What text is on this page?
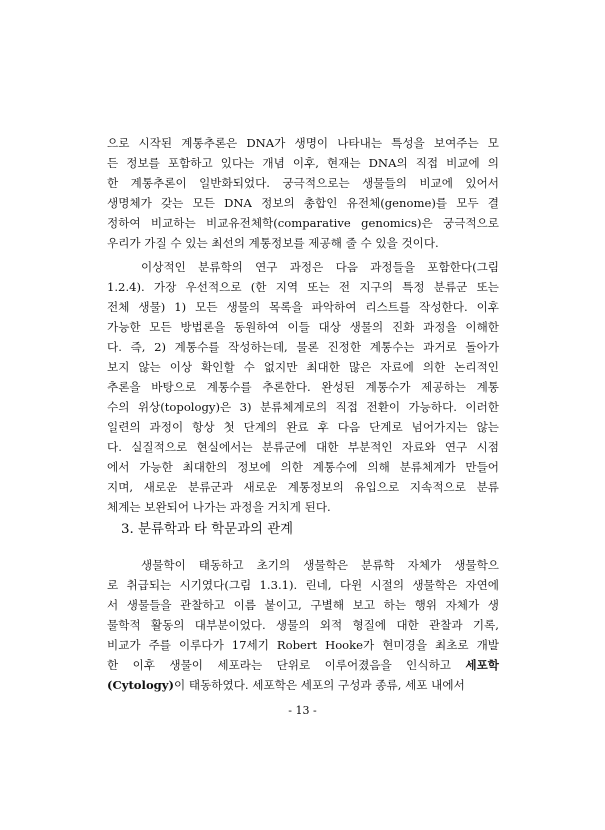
으로 시작된 계통추론은 DNA가 생명이 나타내는 특성을 보여주는 모
든 정보를 포함하고 있다는 개념 이후, 현재는 DNA의 직접 비교에 의
한 계통추론이 일반화되었다. 궁극적으로는 생물들의 비교에 있어서
생명체가 갖는 모든 DNA 정보의 총합인 유전체(genome)를 모두 결
정하여 비교하는 비교유전체학(comparative genomics)은 궁극적으로
우리가 가질 수 있는 최선의 계통정보를 제공해 줄 수 있을 것이다.
이상적인 분류학의 연구 과정은 다음 과정들을 포함한다(그림
1.2.4). 가장 우선적으로 (한 지역 또는 전 지구의 특정 분류군 또는
전체 생물) 1) 모든 생물의 목록을 파악하여 리스트를 작성한다. 이후
가능한 모든 방법론을 동원하여 이들 대상 생물의 진화 과정을 이해한
다. 즉, 2) 계통수를 작성하는데, 물론 진정한 계통수는 과거로 돌아가
보지 않는 이상 확인할 수 없지만 최대한 많은 자료에 의한 논리적인
추론을 바탕으로 계통수를 추론한다. 완성된 계통수가 제공하는 계통
수의 위상(topology)은 3) 분류체계로의 직접 전환이 가능하다. 이러한
일련의 과정이 항상 첫 단계의 완료 후 다음 단계로 넘어가지는 않는
다. 실질적으로 현실에서는 분류군에 대한 부분적인 자료와 연구 시점
에서 가능한 최대한의 정보에 의한 계통수에 의해 분류체계가 만들어
지며, 새로운 분류군과 새로운 계통정보의 유입으로 지속적으로 분류
체계는 보완되어 나가는 과정을 거치게 된다.
3. 분류학과 타 학문과의 관계
생물학이 태동하고 초기의 생물학은 분류학 자체가 생물학으
로 취급되는 시기였다(그림 1.3.1). 린네, 다윈 시절의 생물학은 자연에
서 생물들을 관찰하고 이름 붙이고, 구별해 보고 하는 행위 자체가 생
물학적 활동의 대부분이었다. 생물의 외적 형질에 대한 관찰과 기록,
비교가 주를 이루다가 17세기 Robert Hooke가 현미경을 최초로 개발
한 이후 생물이 세포라는 단위로 이루어졌음을 인식하고 세포학
(Cytology)이 태동하였다. 세포학은 세포의 구성과 종류, 세포 내에서
- 13 -
